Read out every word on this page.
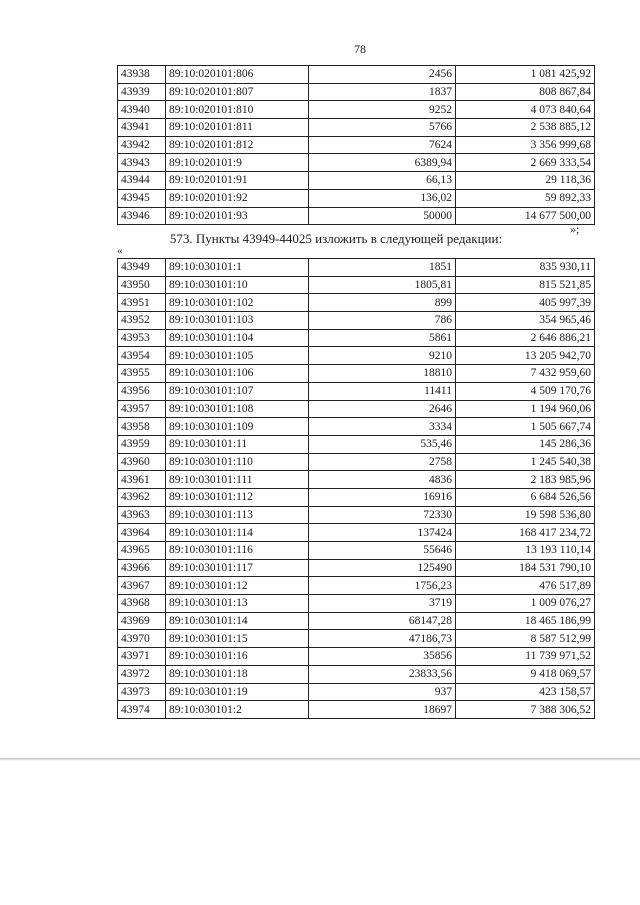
78
43938	89:10:020101:806	2456	1 081 425,92
43939	89:10:020101:807	1837	808 867,84
43940	89:10:020101:810	9252	4 073 840,64
43941	89:10:020101:811	5766	2 538 885,12
43942	89:10:020101:812	7624	3 356 999,68
43943	89:10:020101:9	6389,94	2 669 333,54
43944	89:10:020101:91	66,13	29 118,36
43945	89:10:020101:92	136,02	59 892,33
43946	89:10:020101:93	50000	14 677 500,00
»;
573. Пункты 43949-44025 изложить в следующей редакции:
«
43949	89:10:030101:1	1851	835 930,11
43950	89:10:030101:10	1805,81	815 521,85
43951	89:10:030101:102	899	405 997,39
43952	89:10:030101:103	786	354 965,46
43953	89:10:030101:104	5861	2 646 886,21
43954	89:10:030101:105	9210	13 205 942,70
43955	89:10:030101:106	18810	7 432 959,60
43956	89:10:030101:107	11411	4 509 170,76
43957	89:10:030101:108	2646	1 194 960,06
43958	89:10:030101:109	3334	1 505 667,74
43959	89:10:030101:11	535,46	145 286,36
43960	89:10:030101:110	2758	1 245 540,38
43961	89:10:030101:111	4836	2 183 985,96
43962	89:10:030101:112	16916	6 684 526,56
43963	89:10:030101:113	72330	19 598 536,80
43964	89:10:030101:114	137424	168 417 234,72
43965	89:10:030101:116	55646	13 193 110,14
43966	89:10:030101:117	125490	184 531 790,10
43967	89:10:030101:12	1756,23	476 517,89
43968	89:10:030101:13	3719	1 009 076,27
43969	89:10:030101:14	68147,28	18 465 186,99
43970	89:10:030101:15	47186,73	8 587 512,99
43971	89:10:030101:16	35856	11 739 971,52
43972	89:10:030101:18	23833,56	9 418 069,57
43973	89:10:030101:19	937	423 158,57
43974	89:10:030101:2	18697	7 388 306,52
